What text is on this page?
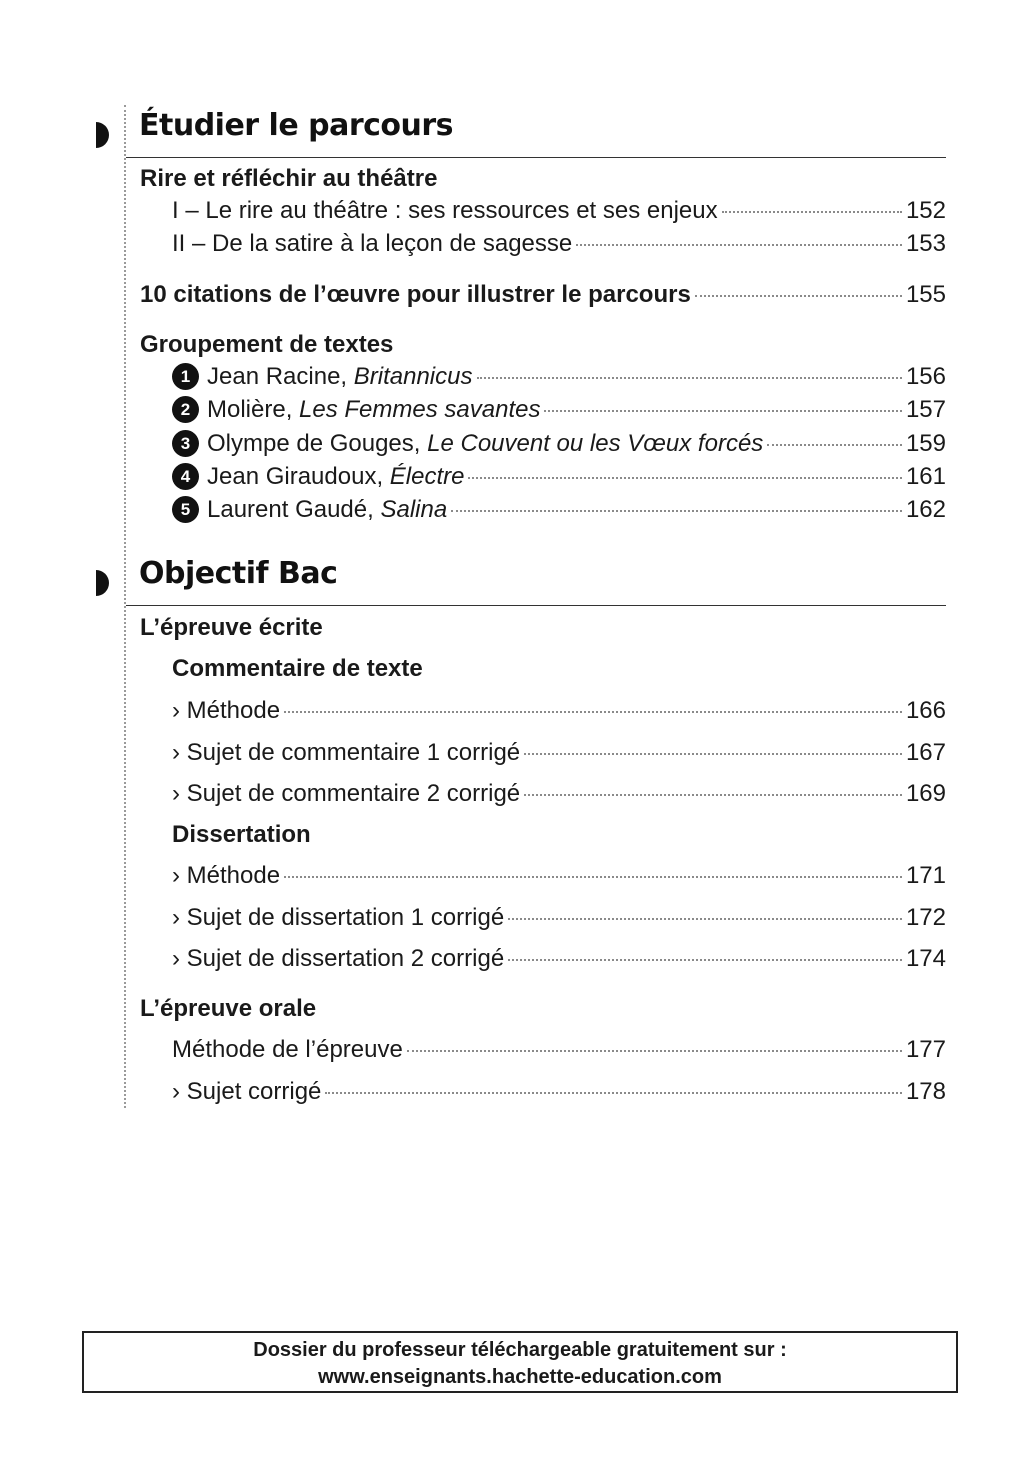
Étudier le parcours
Rire et réfléchir au théâtre
I – Le rire au théâtre : ses ressources et ses enjeux	152
II – De la satire à la leçon de sagesse	153
10 citations de l’œuvre pour illustrer le parcours	155
Groupement de textes
1 Jean Racine, Britannicus	156
2 Molière, Les Femmes savantes	157
3 Olympe de Gouges, Le Couvent ou les Vœux forcés	159
4 Jean Giraudoux, Électre	161
5 Laurent Gaudé, Salina	162
Objectif Bac
L’épreuve écrite
Commentaire de texte
› Méthode	166
› Sujet de commentaire 1 corrigé	167
› Sujet de commentaire 2 corrigé	169
Dissertation
› Méthode	171
› Sujet de dissertation 1 corrigé	172
› Sujet de dissertation 2 corrigé	174
L’épreuve orale
Méthode de l’épreuve	177
› Sujet corrigé	178
Dossier du professeur téléchargeable gratuitement sur :
www.enseignants.hachette-education.com
